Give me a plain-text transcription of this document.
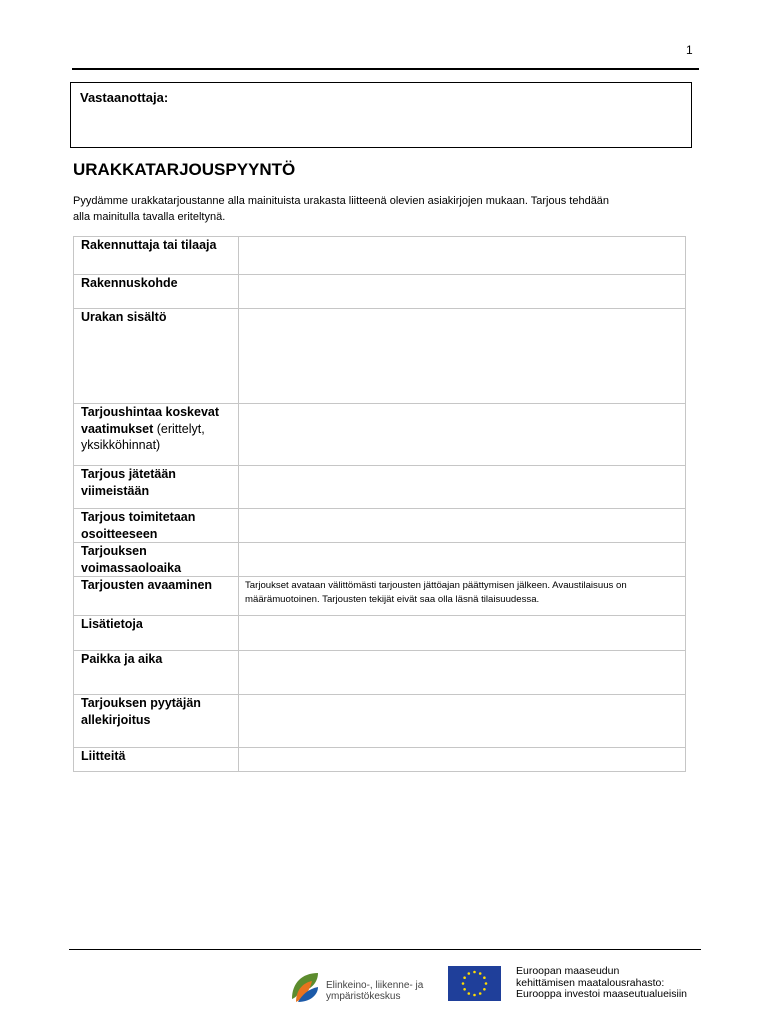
1
Vastaanottaja:
URAKKATARJOUSPYYNTÖ

Pyydämme urakkatarjoustanne alla mainituista urakasta liitteenä olevien asiakirjojen mukaan. Tarjous tehdään
alla mainitulla tavalla eriteltynä.

Rakennuttaja tai tilaaja	

Rakennuskohde	

Urakan sisältö	

Tarjoushintaa koskevat vaatimukset (erittelyt, yksikköhinnat)	

Tarjous jätetään viimeistään	

Tarjous toimitetaan osoitteeseen	

Tarjouksen voimassaoloaika	

Tarjousten avaaminen	Tarjoukset avataan välittömästi tarjousten jättöajan päättymisen jälkeen. Avaustilaisuus on määrämuotoinen. Tarjousten tekijät eivät saa olla läsnä tilaisuudessa.

Lisätietoja	

Paikka ja aika	

Tarjouksen pyytäjän allekirjoitus	

Liitteitä	

Elinkeino-, liikenne- ja
ympäristökeskus
Euroopan maaseudun
kehittämisen maatalousrahasto:
Eurooppa investoi maaseutualueisiin
